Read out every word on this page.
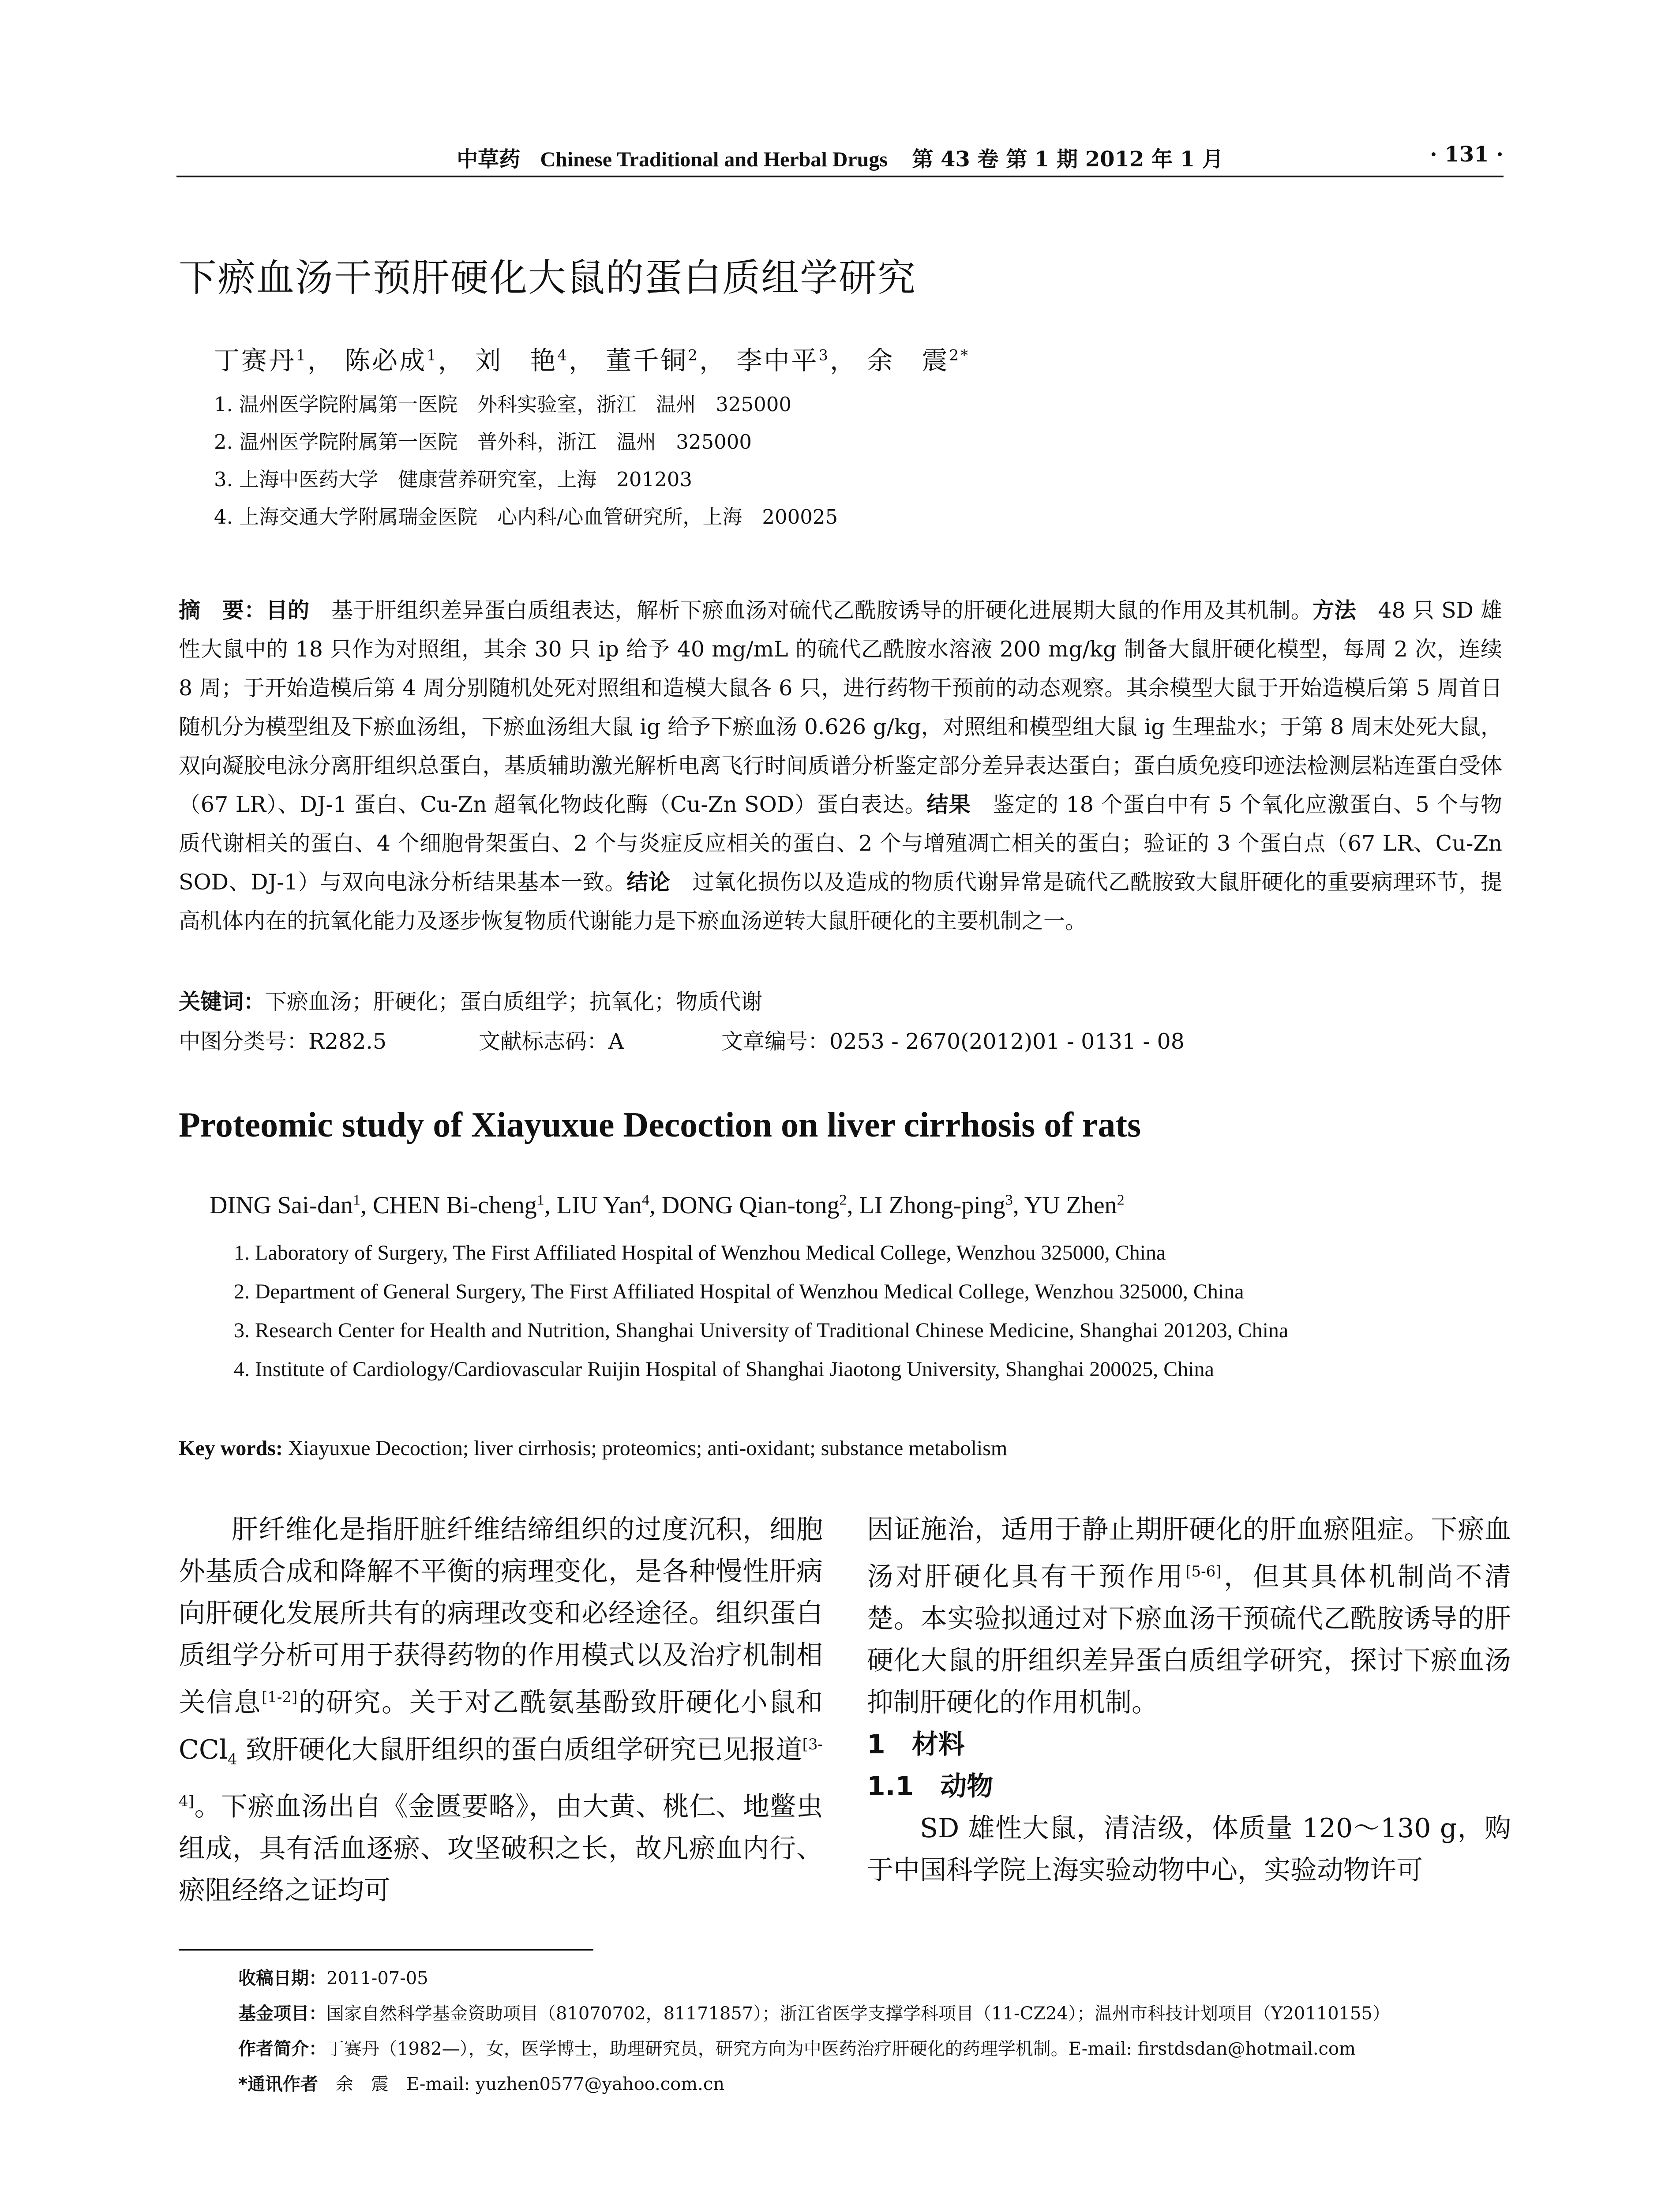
中草药 Chinese Traditional and Herbal Drugs 第 43 卷 第 1 期 2012 年 1 月	· 131 ·
下瘀血汤干预肝硬化大鼠的蛋白质组学研究
丁赛丹$^1$， 陈必成$^1$， 刘　艳$^4$， 董千铜$^2$， 李中平$^3$， 余　震$^{2*}$
1. 温州医学院附属第一医院　外科实验室，浙江　温州　325000
2. 温州医学院附属第一医院　普外科，浙江　温州　325000
3. 上海中医药大学　健康营养研究室，上海　201203
4. 上海交通大学附属瑞金医院　心内科/心血管研究所，上海　200025
摘　要：目的　 基于肝组织差异蛋白质组表达，解析下瘀血汤对硫代乙酰胺诱导的肝硬化进展期大鼠的作用及其机制。方法　 48 只 SD 雄性大鼠中的 18 只作为对照组，其余 30 只 ip 给予 40 mg/mL 的硫代乙酰胺水溶液 200 mg/kg 制备大鼠肝硬化模型，每周 2 次，连续 8 周；于开始造模后第 4 周分别随机处死对照组和造模大鼠各 6 只，进行药物干预前的动态观察。其余模型大鼠于开始造模后第 5 周首日随机分为模型组及下瘀血汤组，下瘀血汤组大鼠 ig 给予下瘀血汤 0.626 g/kg，对照组和模型组大鼠 ig 生理盐水；于第 8 周末处死大鼠，双向凝胶电泳分离肝组织总蛋白，基质辅助激光解析电离飞行时间质谱分析鉴定部分差异表达蛋白；蛋白质免疫印迹法检测层粘连蛋白受体（67 LR）、DJ-1 蛋白、Cu-Zn 超氧化物歧化酶（Cu-Zn SOD）蛋白表达。结果　 鉴定的 18 个蛋白中有 5 个氧化应激蛋白、5 个与物质代谢相关的蛋白、4 个细胞骨架蛋白、2 个与炎症反应相关的蛋白、2 个与增殖凋亡相关的蛋白；验证的 3 个蛋白点（67 LR、Cu-Zn SOD、DJ-1）与双向电泳分析结果基本一致。结论　 过氧化损伤以及造成的物质代谢异常是硫代乙酰胺致大鼠肝硬化的重要病理环节，提高机体内在的抗氧化能力及逐步恢复物质代谢能力是下瘀血汤逆转大鼠肝硬化的主要机制之一。
关键词：下瘀血汤；肝硬化；蛋白质组学；抗氧化；物质代谢
中图分类号：R282.5	文献标志码：A	文章编号：0253 - 2670(2012)01 - 0131 - 08
Proteomic study of Xiayuxue Decoction on liver cirrhosis of rats
DING Sai-dan$^1$, CHEN Bi-cheng$^1$, LIU Yan$^4$, DONG Qian-tong$^2$, LI Zhong-ping$^3$, YU Zhen$^2$
1. Laboratory of Surgery, The First Affiliated Hospital of Wenzhou Medical College, Wenzhou 325000, China
2. Department of General Surgery, The First Affiliated Hospital of Wenzhou Medical College, Wenzhou 325000, China
3. Research Center for Health and Nutrition, Shanghai University of Traditional Chinese Medicine, Shanghai 201203, China
4. Institute of Cardiology/Cardiovascular Ruijin Hospital of Shanghai Jiaotong University, Shanghai 200025, China
Key words: Xiayuxue Decoction; liver cirrhosis; proteomics; anti-oxidant; substance metabolism

肝纤维化是指肝脏纤维结缔组织的过度沉积，细胞外基质合成和降解不平衡的病理变化，是各种慢性肝病向肝硬化发展所共有的病理改变和必经途径。组织蛋白质组学分析可用于获得药物的作用模式以及治疗机制相关信息[1-2]的研究。关于对乙酰氨基酚致肝硬化小鼠和 CCl$_4$ 致肝硬化大鼠肝组织的蛋白质组学研究已见报道[3-4]。下瘀血汤出自《金匮要略》，由大黄、桃仁、地鳖虫组成，具有活血逐瘀、攻坚破积之长，故凡瘀血内行、瘀阻经络之证均可

因证施治，适用于静止期肝硬化的肝血瘀阻症。下瘀血汤对肝硬化具有干预作用[5-6]，但其具体机制尚不清楚。本实验拟通过对下瘀血汤干预硫代乙酰胺诱导的肝硬化大鼠的肝组织差异蛋白质组学研究，探讨下瘀血汤抑制肝硬化的作用机制。

1　材料
1.1　动物

SD 雄性大鼠，清洁级，体质量 120～130 g，购于中国科学院上海实验动物中心，实验动物许可

收稿日期：2011-07-05
基金项目：国家自然科学基金资助项目（81070702，81171857）；浙江省医学支撑学科项目（11-CZ24）；温州市科技计划项目（Y20110155）
作者简介：丁赛丹（1982—），女，医学博士，助理研究员，研究方向为中医药治疗肝硬化的药理学机制。E-mail: firstdsdan@hotmail.com
*通讯作者　 余　震　E-mail: yuzhen0577@yahoo.com.cn
